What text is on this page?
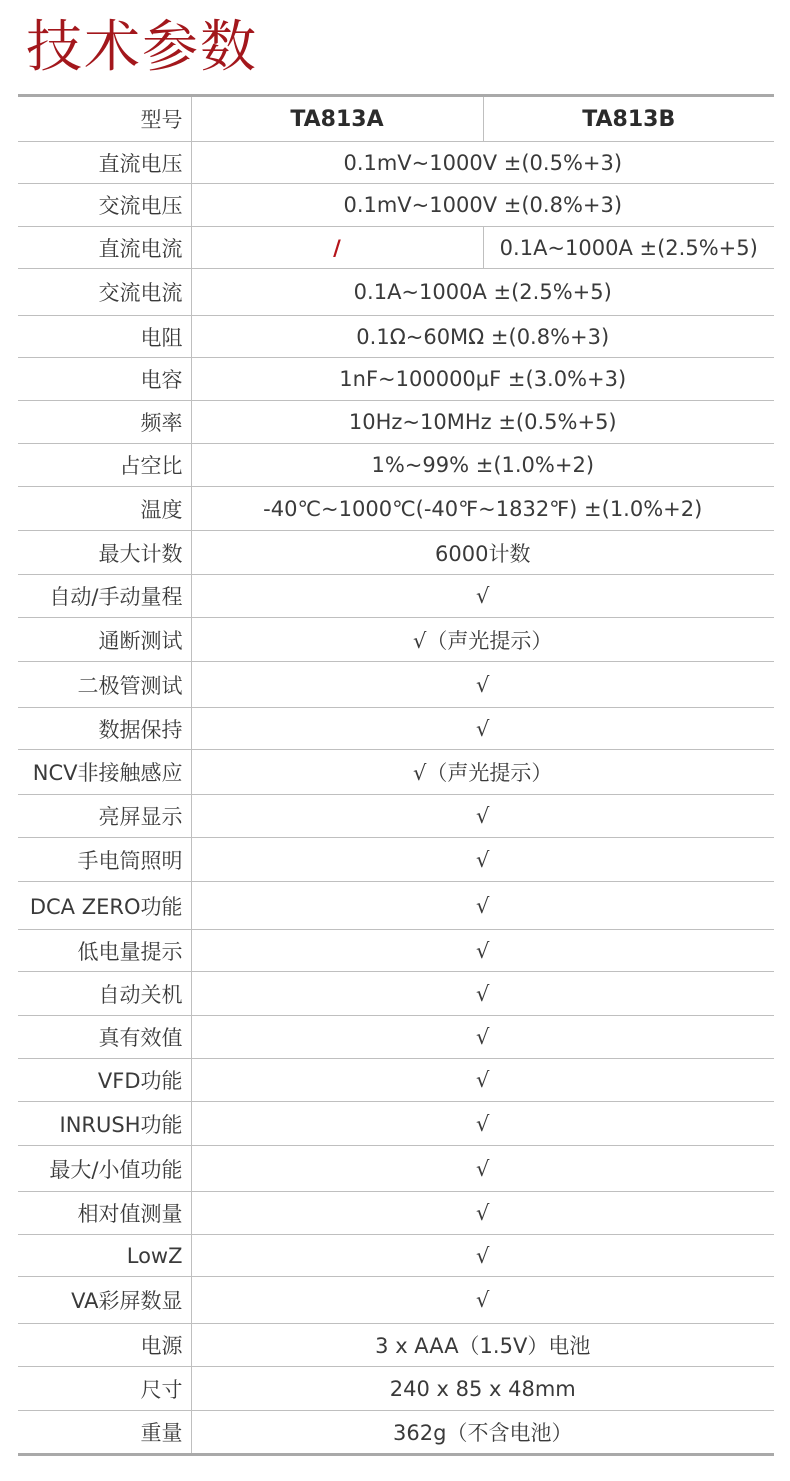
技术参数
型号	TA813A	TA813B
直流电压	0.1mV~1000V ±(0.5%+3)	
交流电压	0.1mV~1000V ±(0.8%+3)	
直流电流	/	0.1A~1000A ±(2.5%+5)
交流电流	0.1A~1000A ±(2.5%+5)	
电阻	0.1Ω~60MΩ ±(0.8%+3)	
电容	1nF~100000μF ±(3.0%+3)	
频率	10Hz~10MHz ±(0.5%+5)	
占空比	1%~99% ±(1.0%+2)	
温度	-40℃~1000℃(-40℉~1832℉) ±(1.0%+2)	
最大计数	6000计数	
自动/手动量程	√	
通断测试	√（声光提示）	
二极管测试	√	
数据保持	√	
NCV非接触感应	√（声光提示）	
亮屏显示	√	
手电筒照明	√	
DCA ZERO功能	√	
低电量提示	√	
自动关机	√	
真有效值	√	
VFD功能	√	
INRUSH功能	√	
最大/小值功能	√	
相对值测量	√	
LowZ	√	
VA彩屏数显	√	
电源	3 x AAA（1.5V）电池	
尺寸	240 x 85 x 48mm	
重量	362g（不含电池）	
